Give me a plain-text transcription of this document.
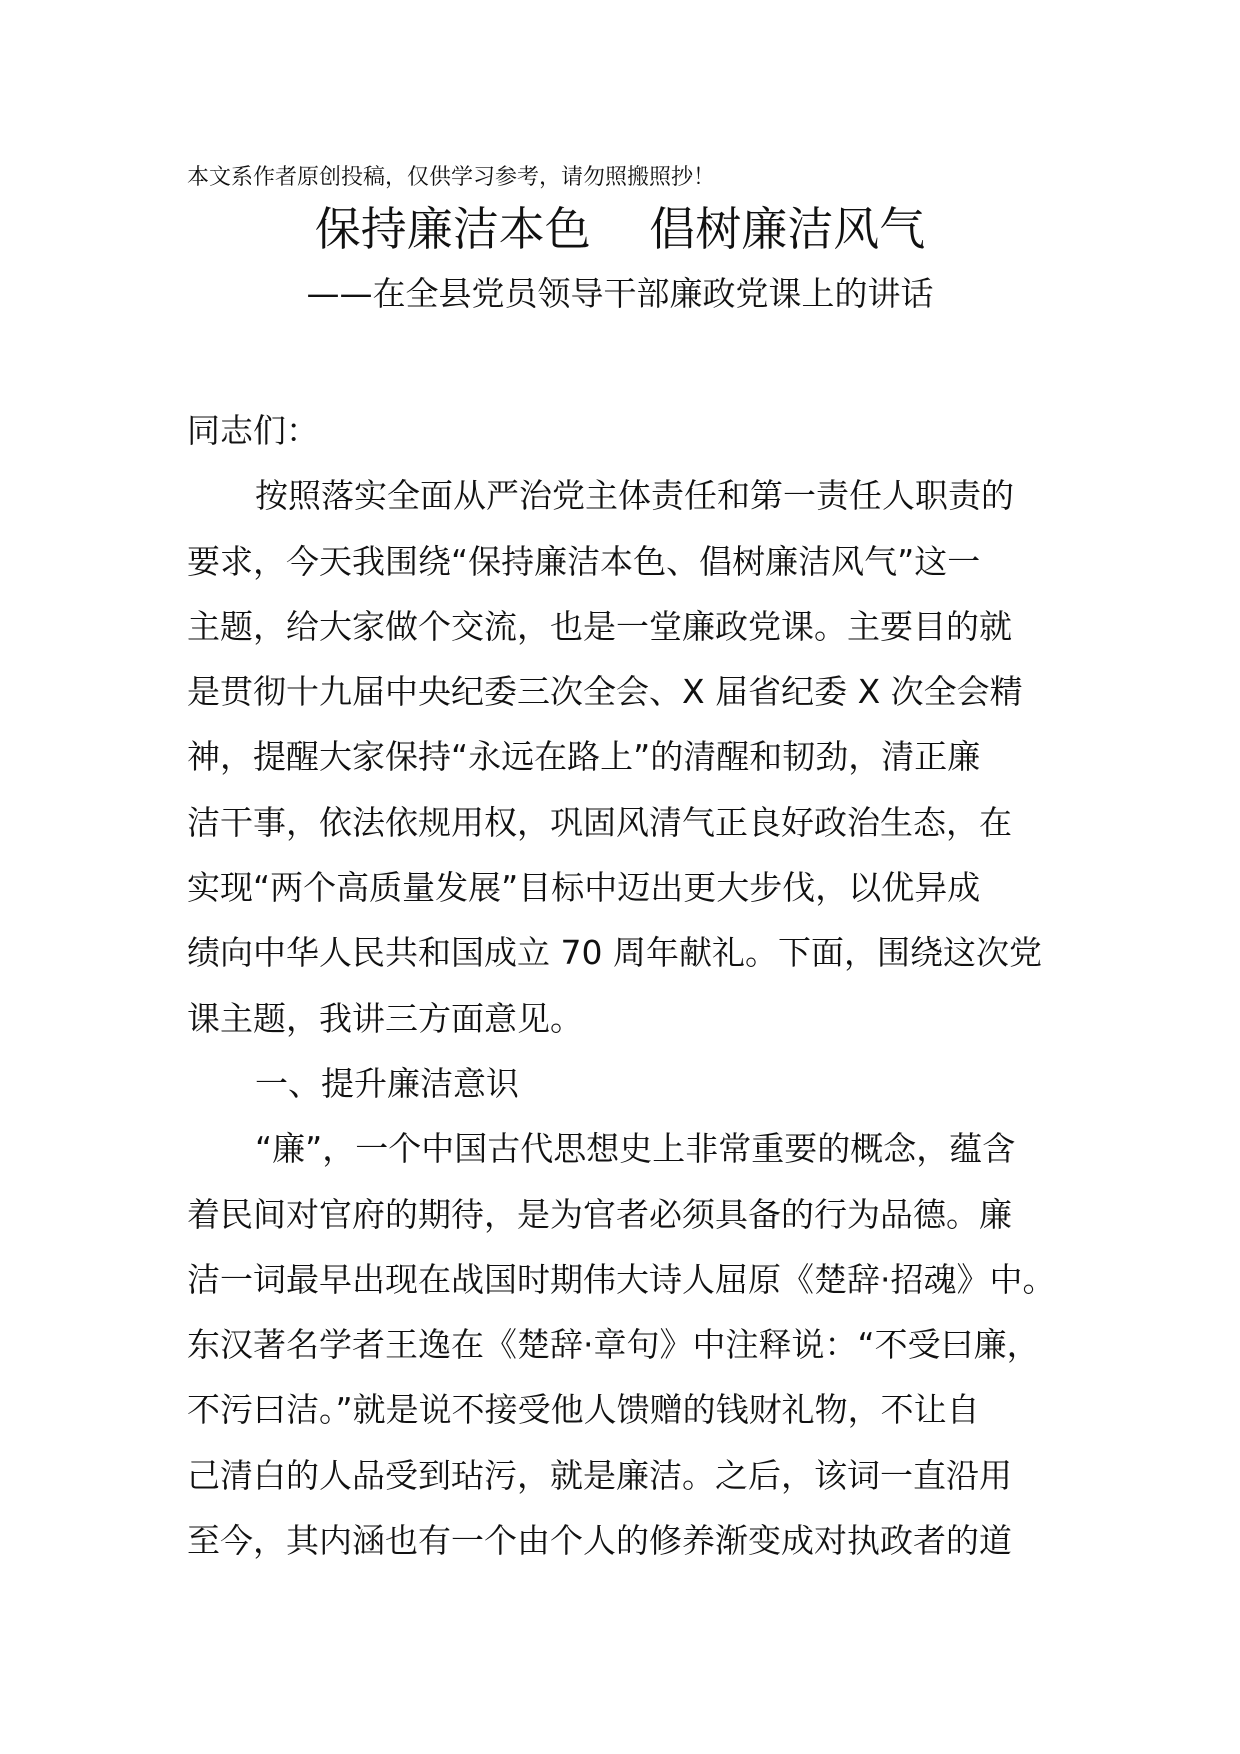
本文系作者原创投稿，仅供学习参考，请勿照搬照抄！
保持廉洁本色    倡树廉洁风气
——在全县党员领导干部廉政党课上的讲话
同志们：
按照落实全面从严治党主体责任和第一责任人职责的
要求，今天我围绕“保持廉洁本色、倡树廉洁风气”这一
主题，给大家做个交流，也是一堂廉政党课。主要目的就
是贯彻十九届中央纪委三次全会、X 届省纪委 X 次全会精
神，提醒大家保持“永远在路上”的清醒和韧劲，清正廉
洁干事，依法依规用权，巩固风清气正良好政治生态，在
实现“两个高质量发展”目标中迈出更大步伐，以优异成
绩向中华人民共和国成立 70 周年献礼。下面，围绕这次党
课主题，我讲三方面意见。
一、提升廉洁意识
“廉”，一个中国古代思想史上非常重要的概念，蕴含
着民间对官府的期待，是为官者必须具备的行为品德。廉
洁一词最早出现在战国时期伟大诗人屈原《楚辞·招魂》中。
东汉著名学者王逸在《楚辞·章句》中注释说：“不受曰廉，
不污曰洁。”就是说不接受他人馈赠的钱财礼物，不让自
己清白的人品受到玷污，就是廉洁。之后，该词一直沿用
至今，其内涵也有一个由个人的修养渐变成对执政者的道
